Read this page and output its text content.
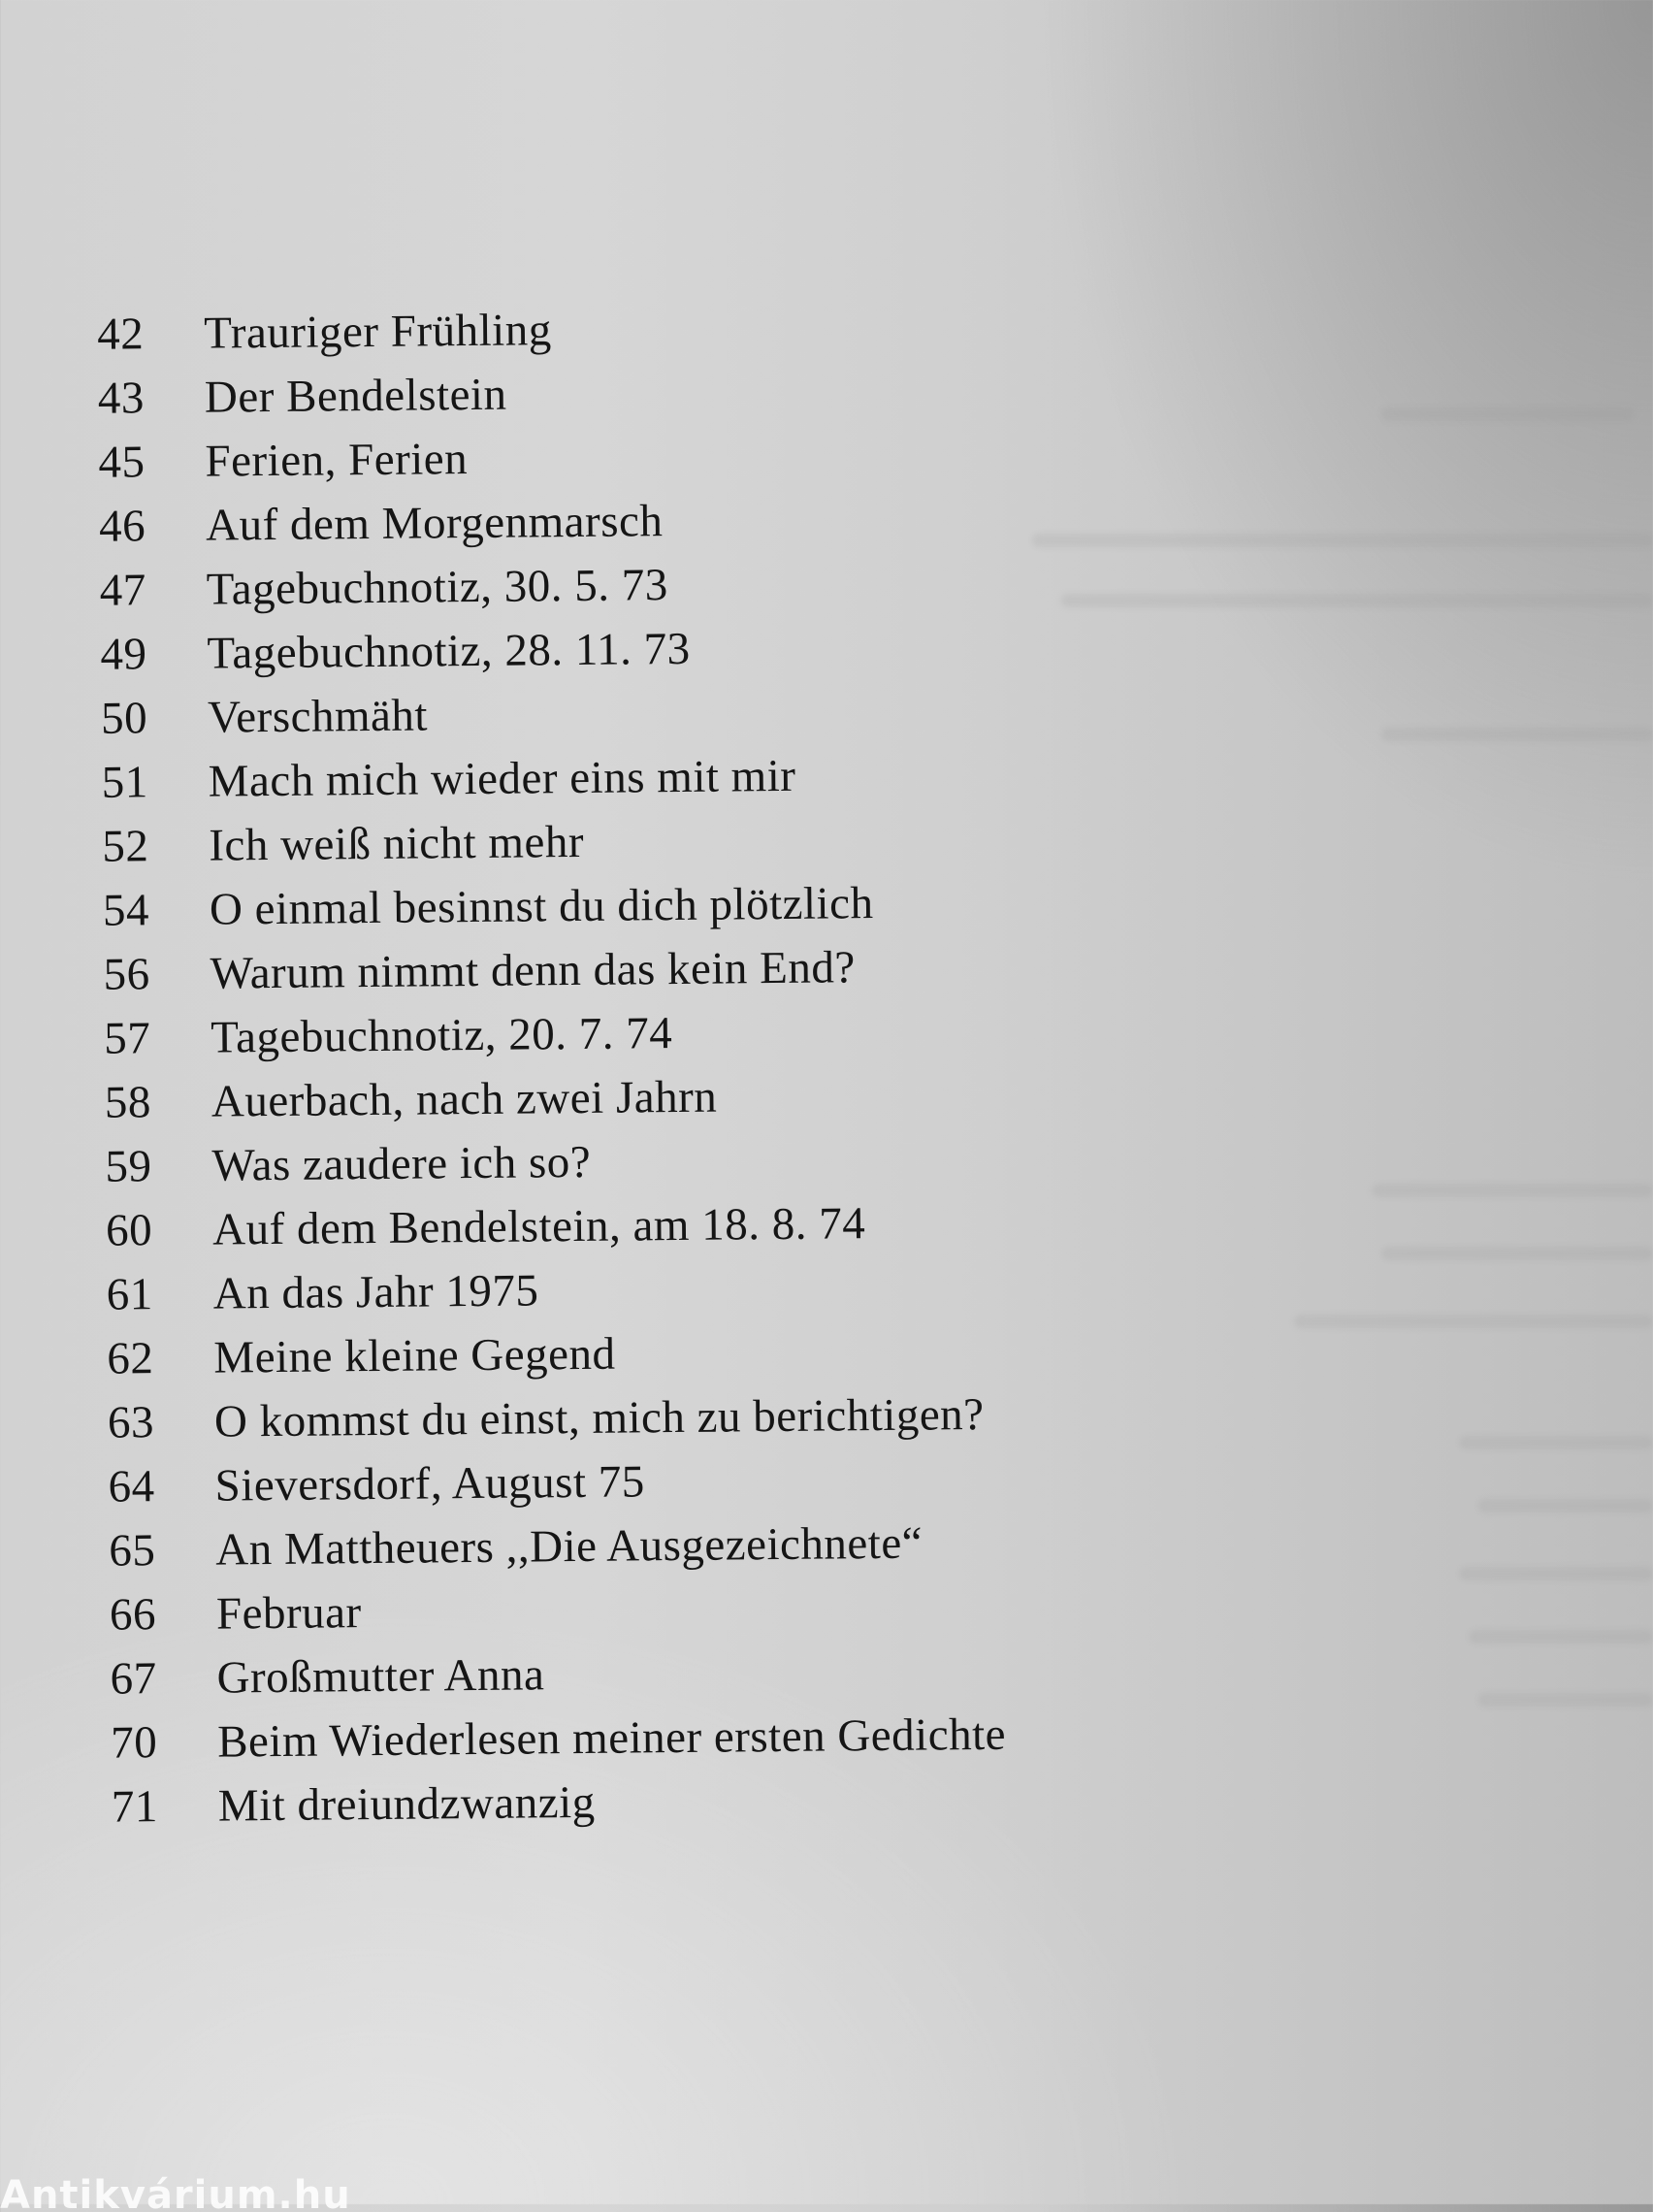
42	Trauriger Frühling
43	Der Bendelstein
45	Ferien, Ferien
46	Auf dem Morgenmarsch
47	Tagebuchnotiz, 30. 5. 73
49	Tagebuchnotiz, 28. 11. 73
50	Verschmäht
51	Mach mich wieder eins mit mir
52	Ich weiß nicht mehr
54	O einmal besinnst du dich plötzlich
56	Warum nimmt denn das kein End?
57	Tagebuchnotiz, 20. 7. 74
58	Auerbach, nach zwei Jahrn
59	Was zaudere ich so?
60	Auf dem Bendelstein, am 18. 8. 74
61	An das Jahr 1975
62	Meine kleine Gegend
63	O kommst du einst, mich zu berichtigen?
64	Sieversdorf, August 75
65	An Mattheuers ,,Die Ausgezeichnete“
66	Februar
67	Großmutter Anna
70	Beim Wiederlesen meiner ersten Gedichte
71	Mit dreiundzwanzig
Antikvárium.hu
